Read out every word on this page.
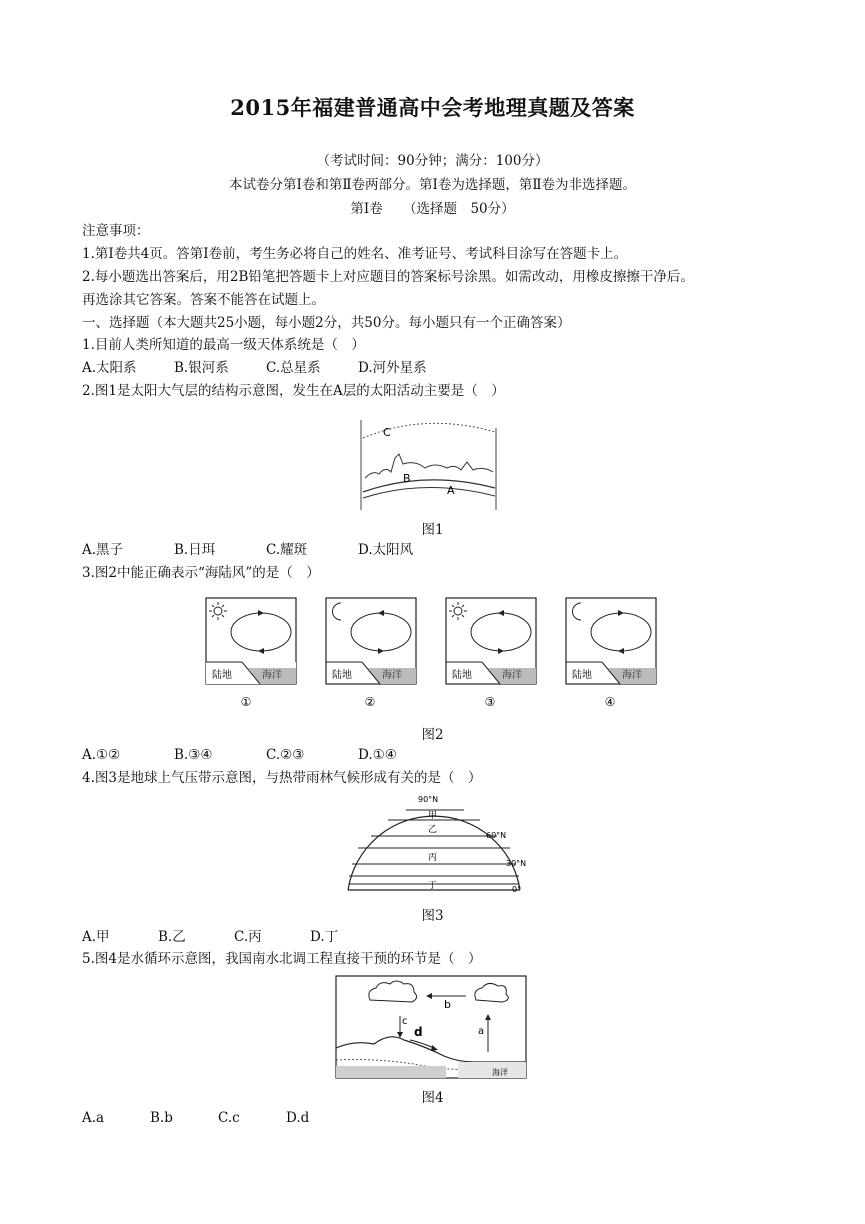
2015年福建普通高中会考地理真题及答案
（考试时间：90分钟；满分：100分）
本试卷分第Ⅰ卷和第Ⅱ卷两部分。第Ⅰ卷为选择题，第Ⅱ卷为非选择题。
第Ⅰ卷　　（选择题　50分）
注意事项：
1.第Ⅰ卷共4页。答第Ⅰ卷前，考生务必将自己的姓名、准考证号、考试科目涂写在答题卡上。
2.每小题选出答案后，用2B铅笔把答题卡上对应题目的答案标号涂黑。如需改动，用橡皮擦擦干净后。
再选涂其它答案。答案不能答在试题上。
一、选择题（本大题共25小题，每小题2分，共50分。每小题只有一个正确答案）
1.目前人类所知道的最高一级天体系统是（　）
A.太阳系	B.银河系	C.总星系	D.河外星系
2.图1是太阳大气层的结构示意图，发生在A层的太阳活动主要是（　）
C
B
A
图1
A.黑子	B.日珥	C.耀斑	D.太阳风
3.图2中能正确表示“海陆风”的是（　）
陆地	海洋
①
陆地	海洋
②
陆地	海洋
③
陆地	海洋
④
图2
A.①②	B.③④	C.②③	D.①④
4.图3是地球上气压带示意图，与热带雨林气候形成有关的是（　）
90°N
60°N
30°N
0°
甲
乙
丙
丁
图3
A.甲	B.乙	C.丙	D.丁
5.图4是水循环示意图，我国南水北调工程直接干预的环节是（　）
b
c
d	a
海洋
图4
A.a	B.b	C.c	D.d
